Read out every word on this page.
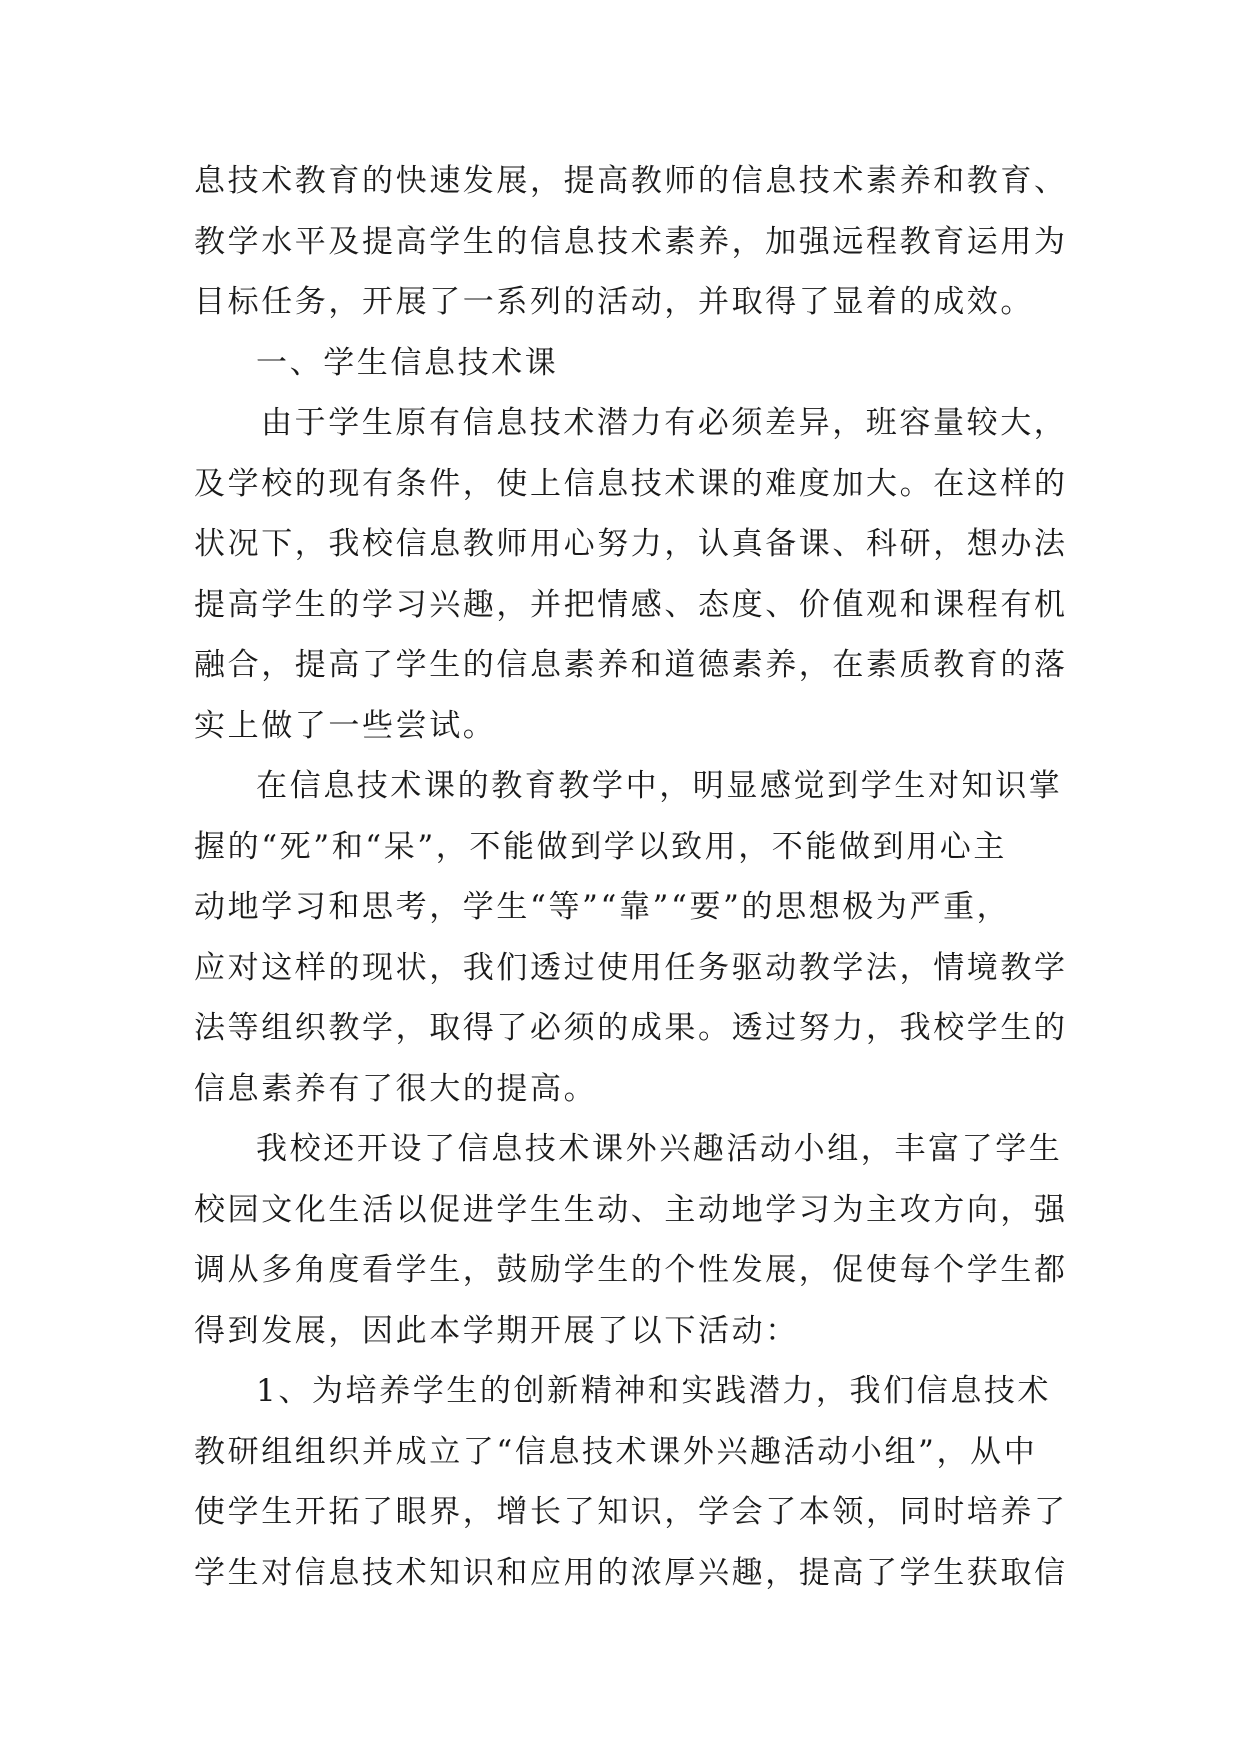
息技术教育的快速发展，提高教师的信息技术素养和教育、
教学水平及提高学生的信息技术素养，加强远程教育运用为
目标任务，开展了一系列的活动，并取得了显着的成效。
一、学生信息技术课
由于学生原有信息技术潜力有必须差异，班容量较大，
及学校的现有条件，使上信息技术课的难度加大。在这样的
状况下，我校信息教师用心努力，认真备课、科研，想办法
提高学生的学习兴趣，并把情感、态度、价值观和课程有机
融合，提高了学生的信息素养和道德素养，在素质教育的落
实上做了一些尝试。
在信息技术课的教育教学中，明显感觉到学生对知识掌
握的“死”和“呆”，不能做到学以致用，不能做到用心主
动地学习和思考，学生“等”“靠”“要”的思想极为严重，
应对这样的现状，我们透过使用任务驱动教学法，情境教学
法等组织教学，取得了必须的成果。透过努力，我校学生的
信息素养有了很大的提高。
我校还开设了信息技术课外兴趣活动小组，丰富了学生
校园文化生活以促进学生生动、主动地学习为主攻方向，强
调从多角度看学生，鼓励学生的个性发展，促使每个学生都
得到发展，因此本学期开展了以下活动：
1、为培养学生的创新精神和实践潜力，我们信息技术
教研组组织并成立了“信息技术课外兴趣活动小组”，从中
使学生开拓了眼界，增长了知识，学会了本领，同时培养了
学生对信息技术知识和应用的浓厚兴趣，提高了学生获取信
